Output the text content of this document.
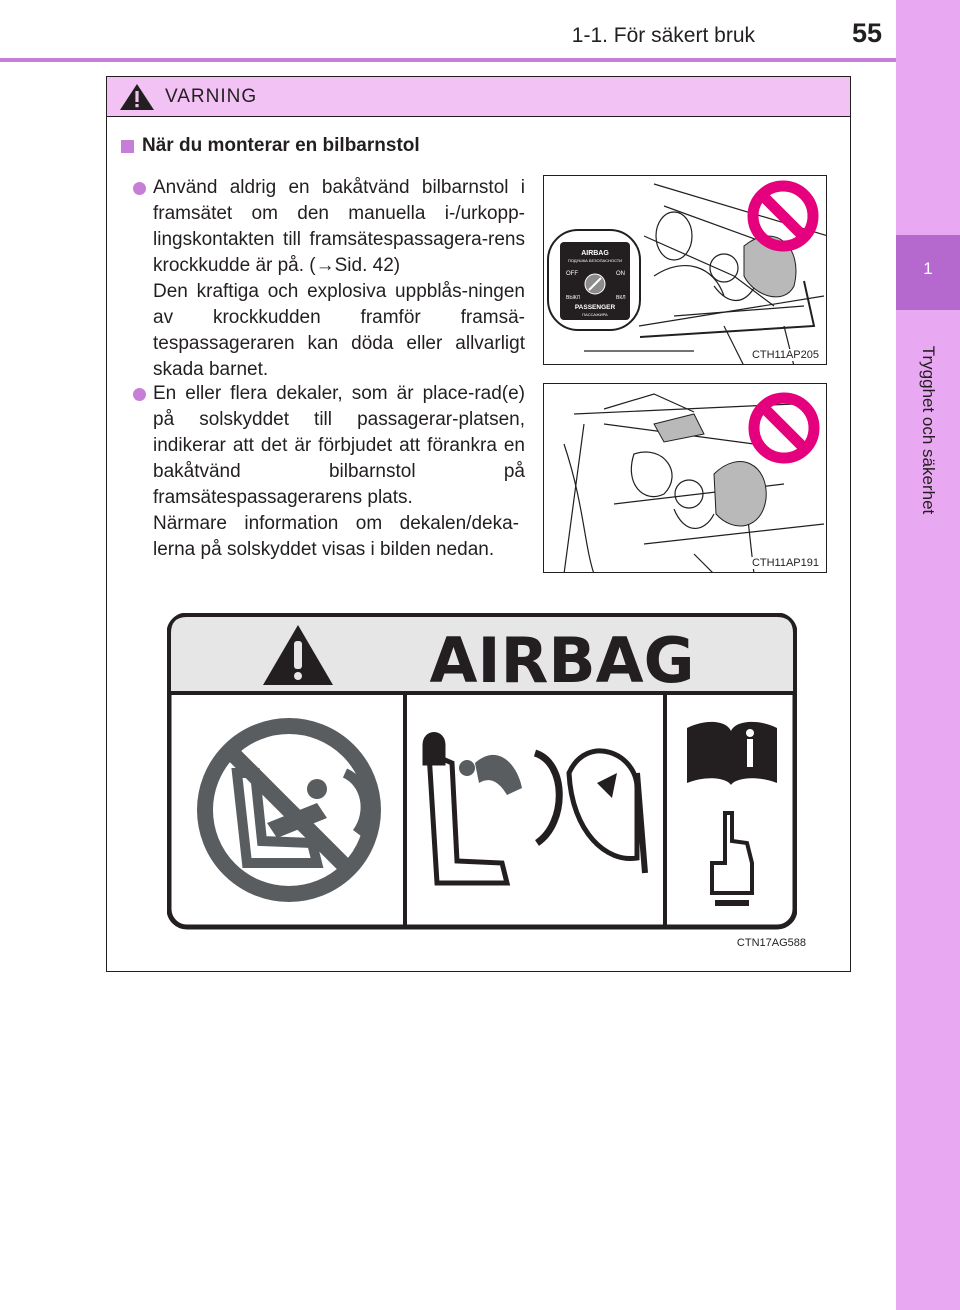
1-1. För säkert bruk	55
1
Trygghet och säkerhet
VARNING
När du monterar en bilbarnstol

Använd aldrig en bakåtvänd bilbarnstol i framsätet om den manuella i-/urkopp-lingskontakten till framsätespassagera-rens krockkudde är på. (→Sid. 42)

Den kraftiga och explosiva uppblås-ningen av krockkudden framför framsä-tespassageraren kan döda eller allvarligt skada barnet.

En eller flera dekaler, som är place-rad(e) på solskyddet till passagerar-platsen, indikerar att det är förbjudet att förankra en bakåtvänd bilbarnstol på framsätespassagerarens plats.

Närmare information om dekalen/deka-lerna på solskyddet visas i bilden nedan.
AIRBAG
ПОДУШКА БЕЗОПАСНОСТИ
OFF	ON
ВЫКЛ	ВКЛ
PASSENGER
ПАССАЖИРА
CTH11AP205
CTH11AP191
AIRBAG
CTN17AG588
